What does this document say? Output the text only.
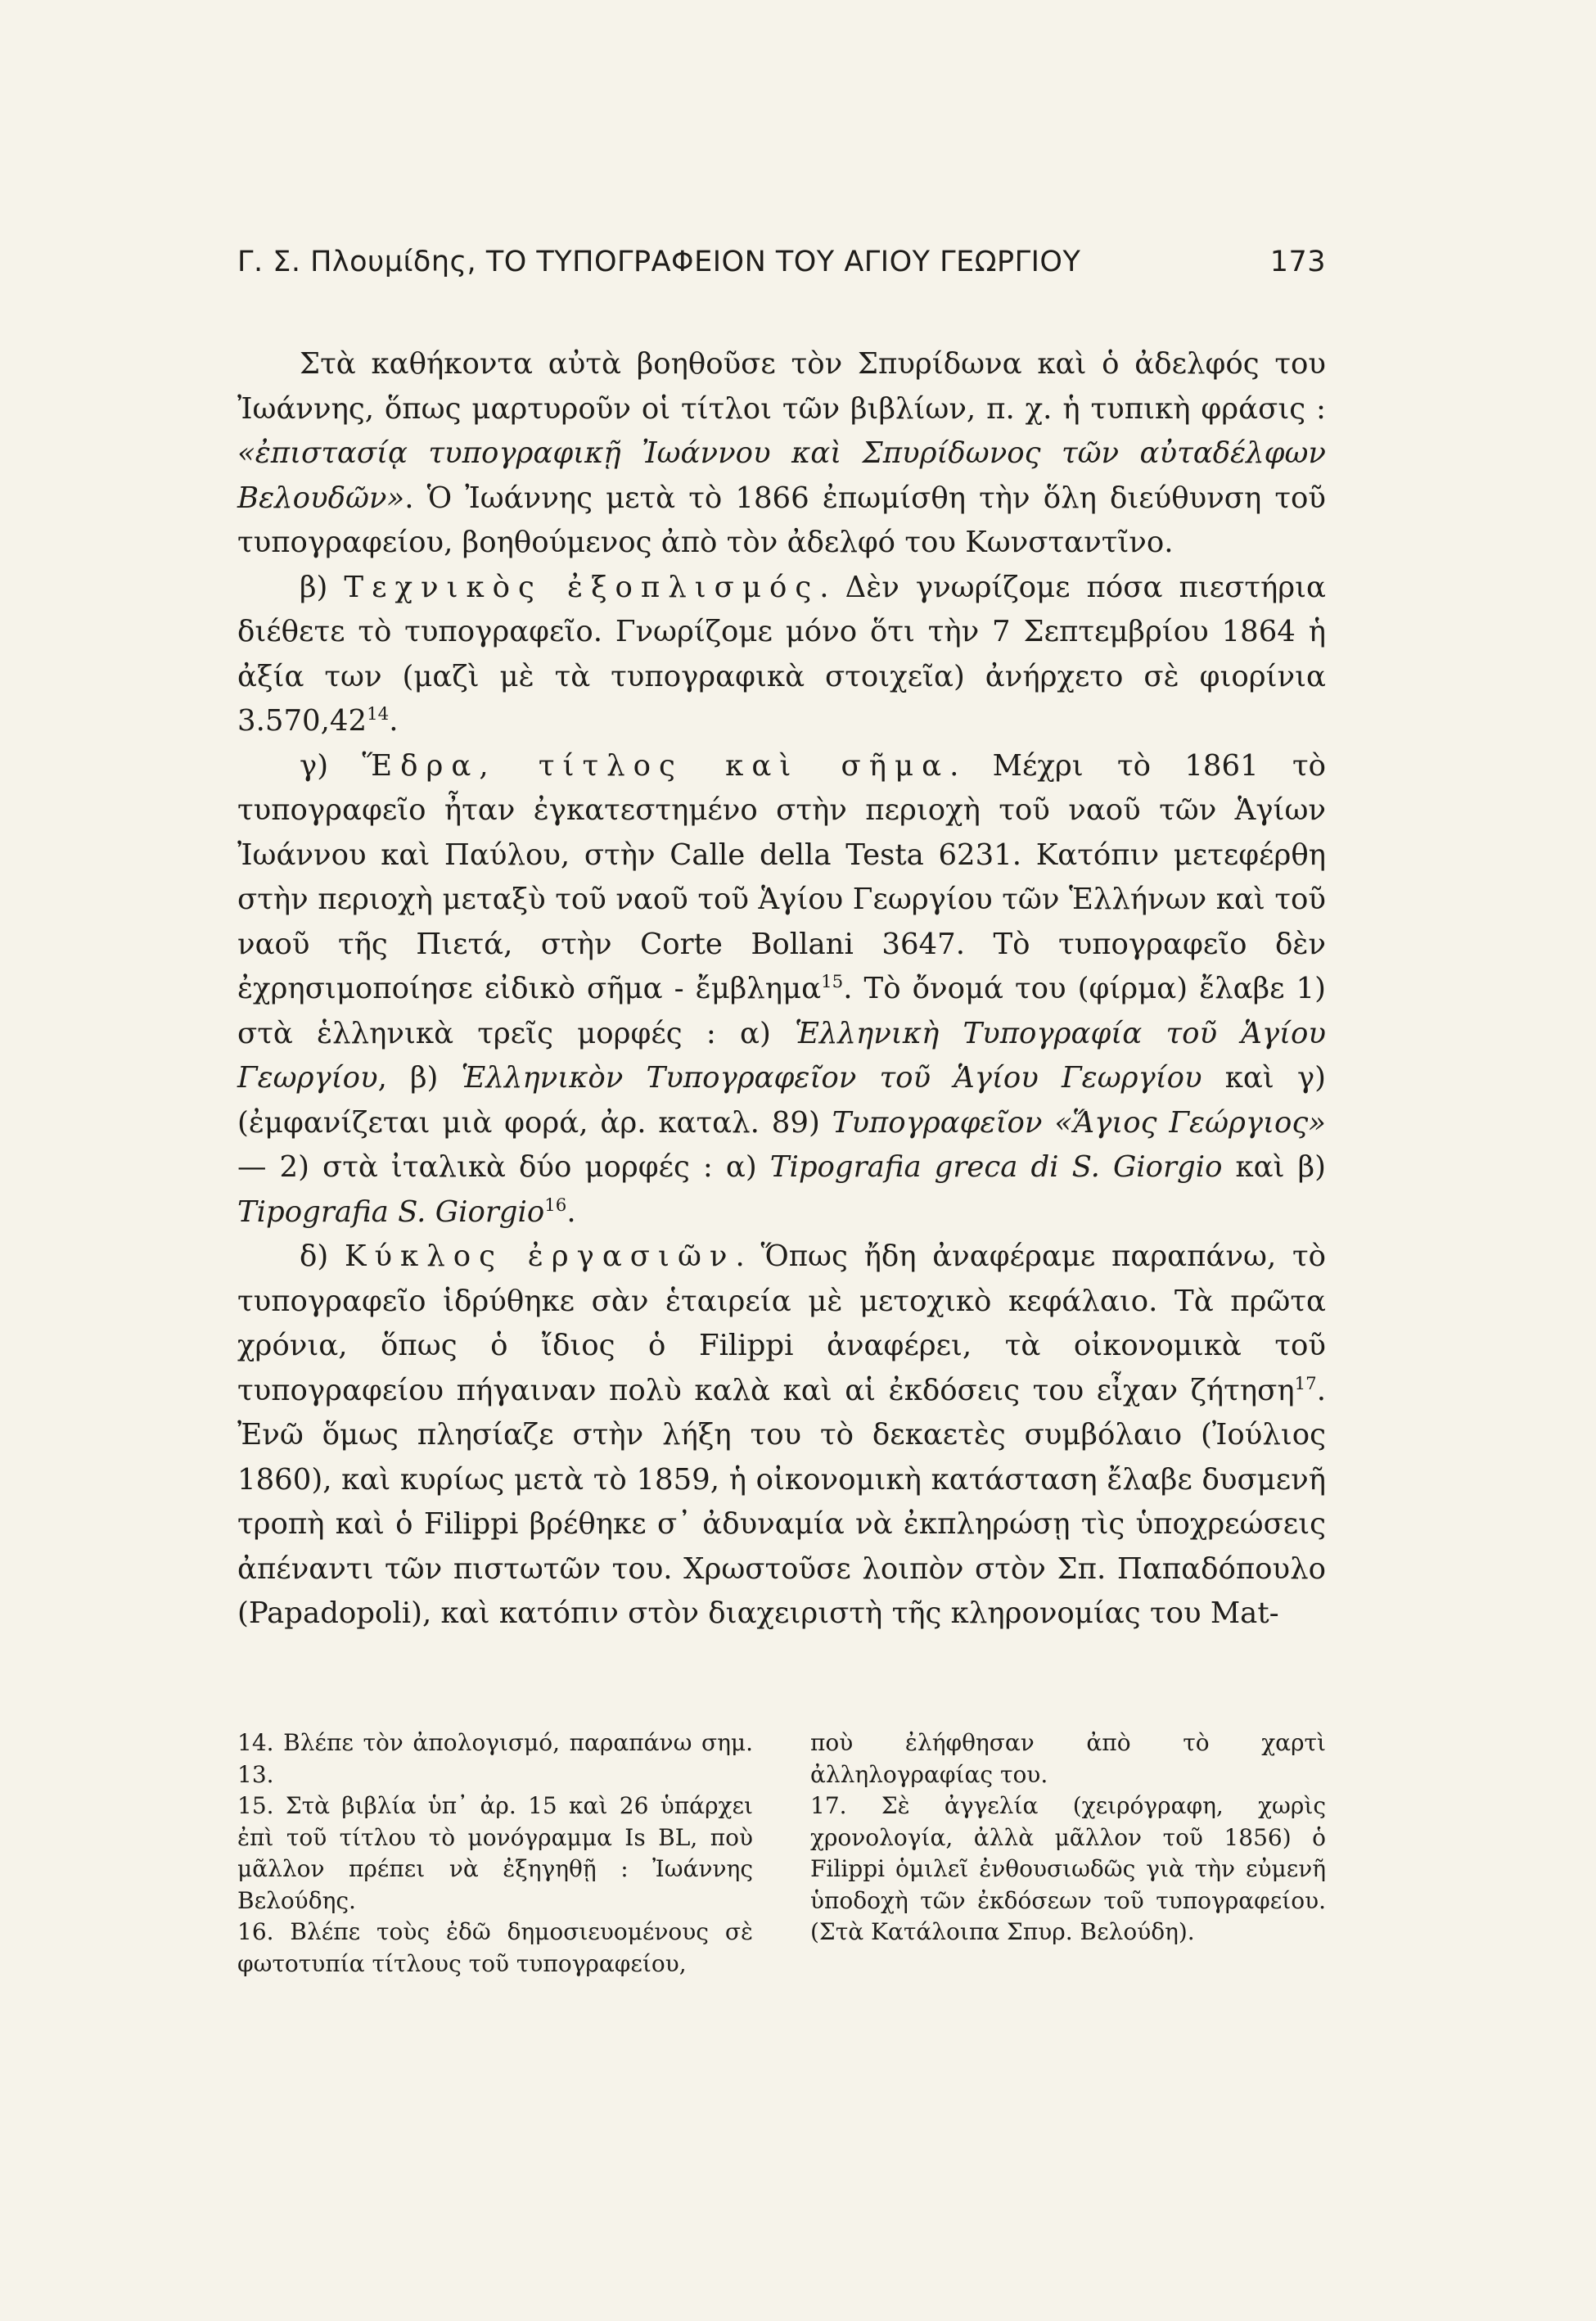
Γ. Σ. Πλουμίδης, ΤΟ ΤΥΠΟΓΡΑΦΕΙΟΝ ΤΟΥ ΑΓΙΟΥ ΓΕΩΡΓΙΟΥ	173

Στὰ καθήκοντα αὐτὰ βοηθοῦσε τὸν Σπυρίδωνα καὶ ὁ ἀδελφός του Ἰωάννης, ὅπως μαρτυροῦν οἱ τίτλοι τῶν βιβλίων, π. χ. ἡ τυπικὴ φράσις : «ἐπιστασίᾳ τυπογραφικῇ Ἰωάννου καὶ Σπυρίδωνος τῶν αὐταδέλφων Βελουδῶν». Ὁ Ἰωάννης μετὰ τὸ 1866 ἐπωμίσθη τὴν ὅλη διεύθυνση τοῦ τυπογραφείου, βοηθούμενος ἀπὸ τὸν ἀδελφό του Κωνσταντῖνο.

β) Τεχνικὸς ἐξοπλισμός. Δὲν γνωρίζομε πόσα πιεστήρια διέθετε τὸ τυπογραφεῖο. Γνωρίζομε μόνο ὅτι τὴν 7 Σεπτεμβρίου 1864 ἡ ἀξία των (μαζὶ μὲ τὰ τυπογραφικὰ στοιχεῖα) ἀνήρχετο σὲ φιορίνια 3.570,42$^{14}$.

γ) Ἕδρα, τίτλος καὶ σῆμα. Μέχρι τὸ 1861 τὸ τυπογραφεῖο ἦταν ἐγκατεστημένο στὴν περιοχὴ τοῦ ναοῦ τῶν Ἁγίων Ἰωάννου καὶ Παύλου, στὴν Calle della Testa 6231. Κατόπιν μετεφέρθη στὴν περιοχὴ μεταξὺ τοῦ ναοῦ τοῦ Ἁγίου Γεωργίου τῶν Ἑλλήνων καὶ τοῦ ναοῦ τῆς Πιετά, στὴν Corte Bollani 3647. Τὸ τυπογραφεῖο δὲν ἐχρησιμοποίησε εἰδικὸ σῆμα - ἔμβλημα$^{15}$. Τὸ ὄνομά του (φίρμα) ἔλαβε 1) στὰ ἑλληνικὰ τρεῖς μορφές : α) Ἑλληνικὴ Τυπογραφία τοῦ Ἁγίου Γεωργίου, β) Ἑλληνικὸν Τυπογραφεῖον τοῦ Ἁγίου Γεωργίου καὶ γ) (ἐμφανίζεται μιὰ φορά, ἀρ. καταλ. 89) Τυπογραφεῖον «Ἅγιος Γεώργιος» — 2) στὰ ἰταλικὰ δύο μορφές : α) Tipografia greca di S. Giorgio καὶ β) Tipografia S. Giorgio$^{16}$.

δ) Κύκλος ἐργασιῶν. Ὅπως ἤδη ἀναφέραμε παραπάνω, τὸ τυπογραφεῖο ἱδρύθηκε σὰν ἑταιρεία μὲ μετοχικὸ κεφάλαιο. Τὰ πρῶτα χρόνια, ὅπως ὁ ἴδιος ὁ Filippi ἀναφέρει, τὰ οἰκονομικὰ τοῦ τυπογραφείου πήγαιναν πολὺ καλὰ καὶ αἱ ἐκδόσεις του εἶχαν ζήτηση$^{17}$. Ἐνῶ ὅμως πλησίαζε στὴν λήξη του τὸ δεκαετὲς συμβόλαιο (Ἰούλιος 1860), καὶ κυρίως μετὰ τὸ 1859, ἡ οἰκονομικὴ κατάσταση ἔλαβε δυσμενῆ τροπὴ καὶ ὁ Filippi βρέθηκε σ᾽ ἀδυναμία νὰ ἐκπληρώσῃ τὶς ὑποχρεώσεις ἀπέναντι τῶν πιστωτῶν του. Χρωστοῦσε λοιπὸν στὸν Σπ. Παπαδόπουλο (Papadopoli), καὶ κατόπιν στὸν διαχειριστὴ τῆς κληρονομίας του Mat-

14. Βλέπε τὸν ἀπολογισμό, παραπάνω σημ. 13.

15. Στὰ βιβλία ὑπ᾽ ἀρ. 15 καὶ 26 ὑπάρχει ἐπὶ τοῦ τίτλου τὸ μονόγραμμα Is BL, ποὺ μᾶλλον πρέπει νὰ ἐξηγηθῇ : Ἰωάννης Βελούδης.

16. Βλέπε τοὺς ἐδῶ δημοσιευομένους σὲ φωτοτυπία τίτλους τοῦ τυπογραφείου,

ποὺ ἐλήφθησαν ἀπὸ τὸ χαρτὶ ἀλληλογραφίας του.

17. Σὲ ἀγγελία (χειρόγραφη, χωρὶς χρονολογία, ἀλλὰ μᾶλλον τοῦ 1856) ὁ Filippi ὁμιλεῖ ἐνθουσιωδῶς γιὰ τὴν εὐμενῆ ὑποδοχὴ τῶν ἐκδόσεων τοῦ τυπογραφείου. (Στὰ Κατάλοιπα Σπυρ. Βελούδη).
